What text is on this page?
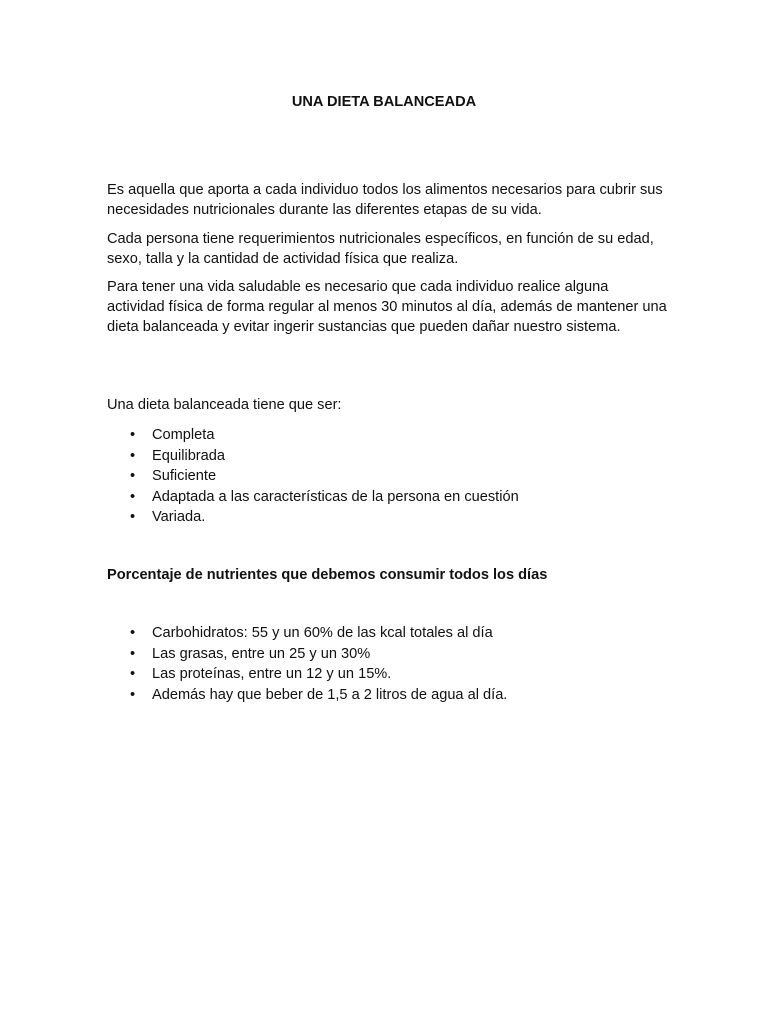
UNA DIETA BALANCEADA

Es aquella que aporta a cada individuo todos los alimentos necesarios para cubrir sus necesidades nutricionales durante las diferentes etapas de su vida.

Cada persona tiene requerimientos nutricionales específicos, en función de su edad, sexo, talla y la cantidad de actividad física que realiza.

Para tener una vida saludable es necesario que cada individuo realice alguna actividad física de forma regular al menos 30 minutos al día, además de mantener una dieta balanceada y evitar ingerir sustancias que pueden dañar nuestro sistema.

Una dieta balanceada tiene que ser:

• Completa
• Equilibrada
• Suficiente
• Adaptada a las características de la persona en cuestión
• Variada.
Porcentaje de nutrientes que debemos consumir todos los días
• Carbohidratos: 55 y un 60% de las kcal totales al día
• Las grasas, entre un 25 y un 30%
• Las proteínas, entre un 12 y un 15%.
• Además hay que beber de 1,5 a 2 litros de agua al día.
